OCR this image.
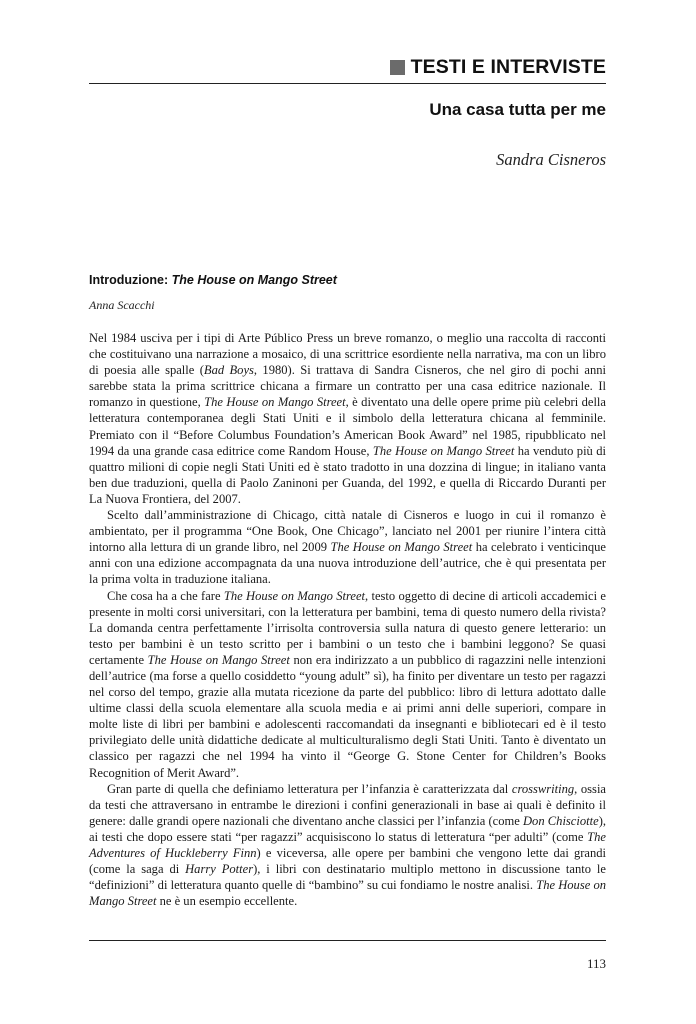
TESTI E INTERVISTE
Una casa tutta per me
Sandra Cisneros
Introduzione: The House on Mango Street
Anna Scacchi

Nel 1984 usciva per i tipi di Arte Público Press un breve romanzo, o meglio una raccolta di racconti che costituivano una narrazione a mosaico, di una scrittrice esordiente nella narrativa, ma con un libro di poesia alle spalle (Bad Boys, 1980). Si trattava di Sandra Cisneros, che nel giro di pochi anni sarebbe stata la prima scrittrice chicana a firmare un contratto per una casa editrice nazionale. Il romanzo in questione, The House on Mango Street, è diventato una delle opere prime più celebri della letteratura contemporanea degli Stati Uniti e il simbolo della letteratura chicana al femminile. Premiato con il “Before Columbus Foundation’s American Book Award” nel 1985, ripubblicato nel 1994 da una grande casa editrice come Random House, The House on Mango Street ha venduto più di quattro milioni di copie negli Stati Uniti ed è stato tradotto in una dozzina di lingue; in italiano vanta ben due traduzioni, quella di Paolo Zaninoni per Guanda, del 1992, e quella di Riccardo Duranti per La Nuova Frontiera, del 2007.

Scelto dall’amministrazione di Chicago, città natale di Cisneros e luogo in cui il romanzo è ambientato, per il programma “One Book, One Chicago”, lanciato nel 2001 per riunire l’intera città intorno alla lettura di un grande libro, nel 2009 The House on Mango Street ha celebrato i venticinque anni con una edizione accompagnata da una nuova introduzione dell’autrice, che è qui presentata per la prima volta in traduzione italiana.

Che cosa ha a che fare The House on Mango Street, testo oggetto di decine di articoli accademici e presente in molti corsi universitari, con la letteratura per bambini, tema di questo numero della rivista? La domanda centra perfettamente l’irrisolta controversia sulla natura di questo genere letterario: un testo per bambini è un testo scritto per i bambini o un testo che i bambini leggono? Se quasi certamente The House on Mango Street non era indirizzato a un pubblico di ragazzini nelle intenzioni dell’autrice (ma forse a quello cosiddetto “young adult” sì), ha finito per diventare un testo per ragazzi nel corso del tempo, grazie alla mutata ricezione da parte del pubblico: libro di lettura adottato dalle ultime classi della scuola elementare alla scuola media e ai primi anni delle superiori, compare in molte liste di libri per bambini e adolescenti raccomandati da insegnanti e bibliotecari ed è il testo privilegiato delle unità didattiche dedicate al multiculturalismo degli Stati Uniti. Tanto è diventato un classico per ragazzi che nel 1994 ha vinto il “George G. Stone Center for Children’s Books Recognition of Merit Award”.

Gran parte di quella che definiamo letteratura per l’infanzia è caratterizzata dal crosswriting, ossia da testi che attraversano in entrambe le direzioni i confini generazionali in base ai quali è definito il genere: dalle grandi opere nazionali che diventano anche classici per l’infanzia (come Don Chisciotte), ai testi che dopo essere stati “per ragazzi” acquisiscono lo status di letteratura “per adulti” (come The Adventures of Huckleberry Finn) e viceversa, alle opere per bambini che vengono lette dai grandi (come la saga di Harry Potter), i libri con destinatario multiplo mettono in discussione tanto le “definizioni” di letteratura quanto quelle di “bambino” su cui fondiamo le nostre analisi. The House on Mango Street ne è un esempio eccellente.

113
